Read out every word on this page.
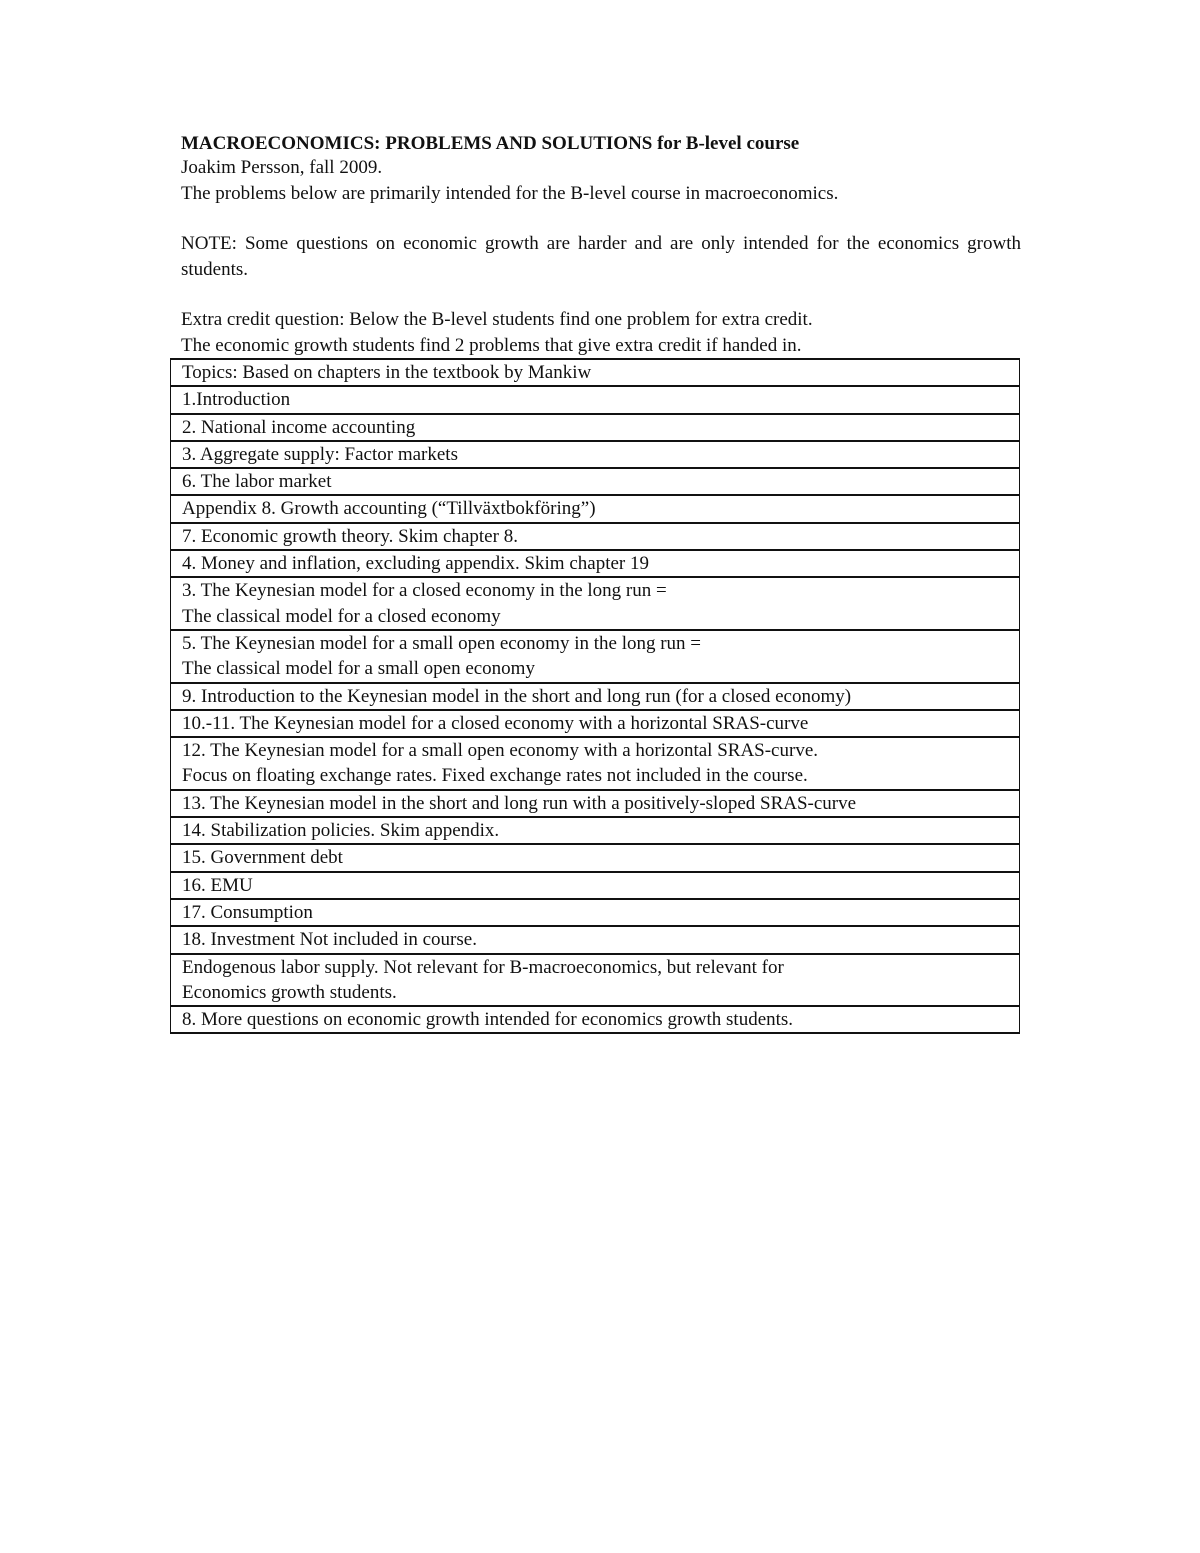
MACROECONOMICS: PROBLEMS AND SOLUTIONS for B-level course
Joakim Persson, fall 2009.
The problems below are primarily intended for the B-level course in macroeconomics.
NOTE: Some questions on economic growth are harder and are only intended for the economics growth students.
Extra credit question: Below the B-level students find one problem for extra credit.
The economic growth students find 2 problems that give extra credit if handed in.
Topics: Based on chapters in the textbook by Mankiw
1.Introduction
2. National income accounting
3. Aggregate supply: Factor markets
6. The labor market
Appendix 8. Growth accounting (“Tillväxtbokföring”)
7. Economic growth theory. Skim chapter 8.
4. Money and inflation, excluding appendix. Skim chapter 19
3. The Keynesian model for a closed economy in the long run =
The classical model for a closed economy
5. The Keynesian model for a small open economy in the long run =
The classical model for a small open economy
9. Introduction to the Keynesian model in the short and long run (for a closed economy)
10.-11. The Keynesian model for a closed economy with a horizontal SRAS-curve
12. The Keynesian model for a small open economy with a horizontal SRAS-curve.
Focus on floating exchange rates. Fixed exchange rates not included in the course.
13. The Keynesian model in the short and long run with a positively-sloped SRAS-curve
14. Stabilization policies. Skim appendix.
15. Government debt
16. EMU
17. Consumption
18. Investment Not included in course.
Endogenous labor supply. Not relevant for B-macroeconomics, but relevant for
Economics growth students.
8. More questions on economic growth intended for economics growth students.
